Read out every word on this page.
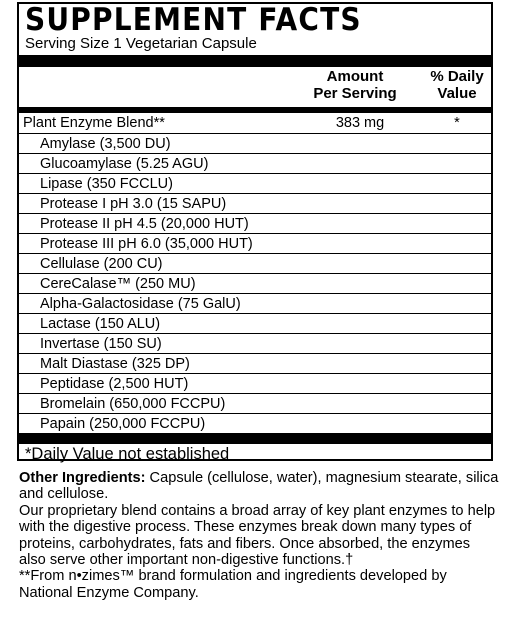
SUPPLEMENT FACTS
Serving Size 1 Vegetarian Capsule
Amount
Per Serving
% Daily
Value
Plant Enzyme Blend**	383 mg	*
Amylase (3,500 DU)
Glucoamylase (5.25 AGU)
Lipase (350 FCCLU)
Protease I pH 3.0 (15 SAPU)
Protease II pH 4.5 (20,000 HUT)
Protease III pH 6.0 (35,000 HUT)
Cellulase (200 CU)
CereCalase™ (250 MU)
Alpha-Galactosidase (75 GalU)
Lactase (150 ALU)
Invertase (150 SU)
Malt Diastase (325 DP)
Peptidase (2,500 HUT)
Bromelain (650,000 FCCPU)
Papain (250,000 FCCPU)
*Daily Value not established

Other Ingredients: Capsule (cellulose, water), magnesium stearate, silica and cellulose.

Our proprietary blend contains a broad array of key plant enzymes to help with the digestive process. These enzymes break down many types of proteins, carbohydrates, fats and fibers. Once absorbed, the enzymes also serve other important non-digestive functions.†

**From n•zimes™ brand formulation and ingredients developed by National Enzyme Company.
